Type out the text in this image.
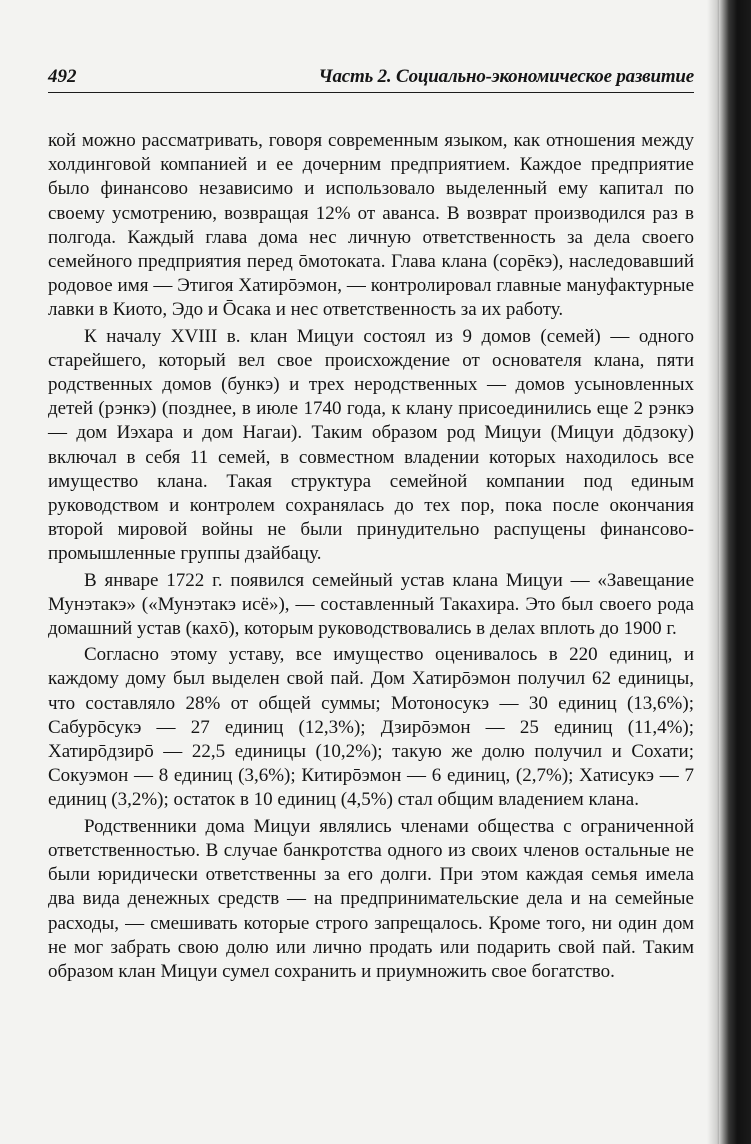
492	Часть 2. Социально-экономическое развитие

кой можно рассматривать, говоря современным языком, как отношения между холдинговой компанией и ее дочерним предприятием. Каждое предприятие было финансово независимо и использовало выделенный ему капитал по своему усмотрению, возвращая 12% от аванса. В возврат производился раз в полгода. Каждый глава дома нес личную ответственность за дела своего семейного предприятия перед ōмотоката. Глава клана (сорēкэ), наследовавший родовое имя — Этигоя Хатирōэмон, — контролировал главные мануфактурные лавки в Киото, Эдо и Ōсака и нес ответственность за их работу.

К началу XVIII в. клан Мицуи состоял из 9 домов (семей) — одного старейшего, который вел свое происхождение от основателя клана, пяти родственных домов (бункэ) и трех неродственных — домов усыновленных детей (рэнкэ) (позднее, в июле 1740 года, к клану присоединились еще 2 рэнкэ — дом Иэхара и дом Нагаи). Таким образом род Мицуи (Мицуи дōдзоку) включал в себя 11 семей, в совместном владении которых находилось все имущество клана. Такая структура семейной компании под единым руководством и контролем сохранялась до тех пор, пока после окончания второй мировой войны не были принудительно распущены финансово-промышленные группы дзайбацу.

В январе 1722 г. появился семейный устав клана Мицуи — «Завещание Мунэтакэ» («Мунэтакэ исё»), — составленный Такахира. Это был своего рода домашний устав (кахō), которым руководствовались в делах вплоть до 1900 г.

Согласно этому уставу, все имущество оценивалось в 220 единиц, и каждому дому был выделен свой пай. Дом Хатирōэмон получил 62 единицы, что составляло 28% от общей суммы; Мотоносукэ — 30 единиц (13,6%); Сабурōсукэ — 27 единиц (12,3%); Дзирōэмон — 25 единиц (11,4%); Хатирōдзирō — 22,5 единицы (10,2%); такую же долю получил и Сохати; Сокуэмон — 8 единиц (3,6%); Китирōэмон — 6 единиц, (2,7%); Хатисукэ — 7 единиц (3,2%); остаток в 10 единиц (4,5%) стал общим владением клана.

Родственники дома Мицуи являлись членами общества с ограниченной ответственностью. В случае банкротства одного из своих членов остальные не были юридически ответственны за его долги. При этом каждая семья имела два вида денежных средств — на предпринимательские дела и на семейные расходы, — смешивать которые строго запрещалось. Кроме того, ни один дом не мог забрать свою долю или лично продать или подарить свой пай. Таким образом клан Мицуи сумел сохранить и приумножить свое богатство.
